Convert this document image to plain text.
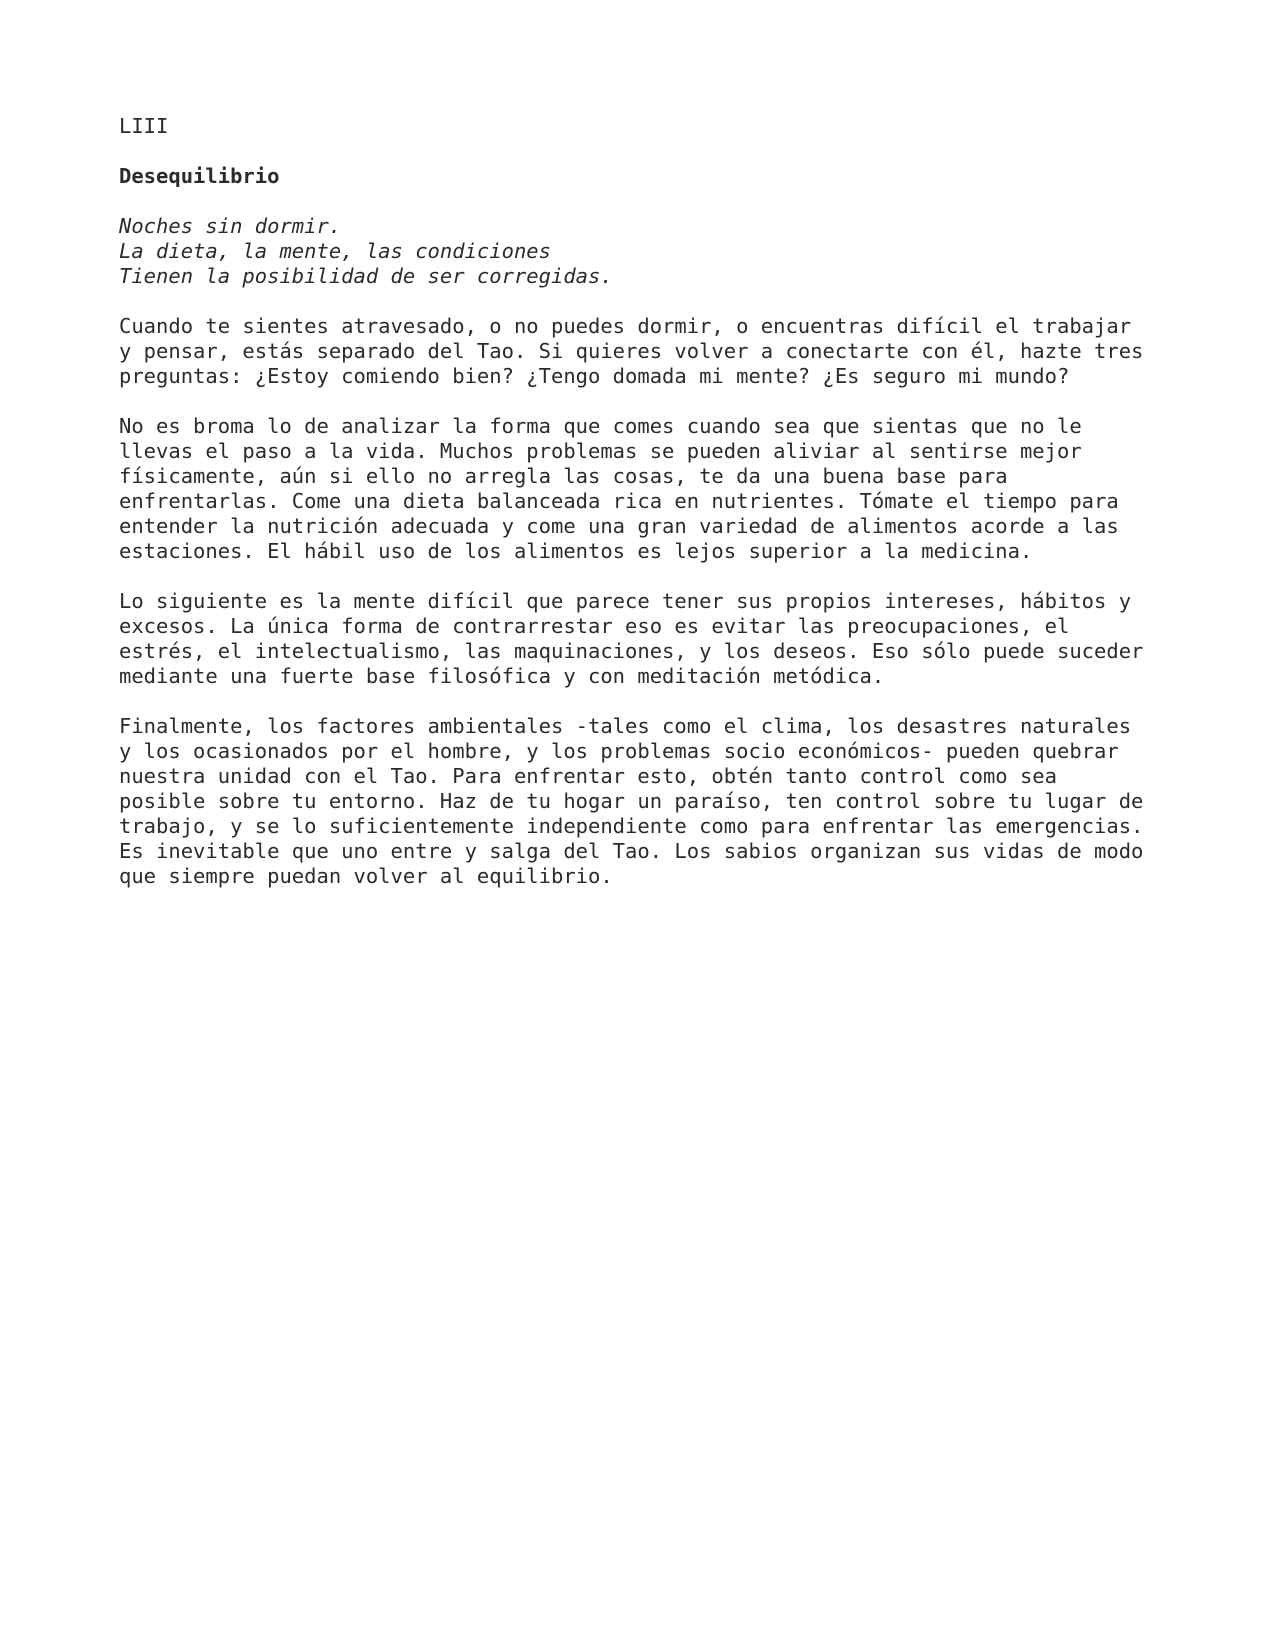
LIII
Desequilibrio
Noches sin dormir.
La dieta, la mente, las condiciones
Tienen la posibilidad de ser corregidas.
Cuando te sientes atravesado, o no puedes dormir, o encuentras difícil el trabajar
y pensar, estás separado del Tao. Si quieres volver a conectarte con él, hazte tres
preguntas: ¿Estoy comiendo bien? ¿Tengo domada mi mente? ¿Es seguro mi mundo?
No es broma lo de analizar la forma que comes cuando sea que sientas que no le
llevas el paso a la vida. Muchos problemas se pueden aliviar al sentirse mejor
físicamente, aún si ello no arregla las cosas, te da una buena base para
enfrentarlas. Come una dieta balanceada rica en nutrientes. Tómate el tiempo para
entender la nutrición adecuada y come una gran variedad de alimentos acorde a las
estaciones. El hábil uso de los alimentos es lejos superior a la medicina.
Lo siguiente es la mente difícil que parece tener sus propios intereses, hábitos y
excesos. La única forma de contrarrestar eso es evitar las preocupaciones, el
estrés, el intelectualismo, las maquinaciones, y los deseos. Eso sólo puede suceder
mediante una fuerte base filosófica y con meditación metódica.
Finalmente, los factores ambientales -tales como el clima, los desastres naturales
y los ocasionados por el hombre, y los problemas socio económicos- pueden quebrar
nuestra unidad con el Tao. Para enfrentar esto, obtén tanto control como sea
posible sobre tu entorno. Haz de tu hogar un paraíso, ten control sobre tu lugar de
trabajo, y se lo suficientemente independiente como para enfrentar las emergencias.
Es inevitable que uno entre y salga del Tao. Los sabios organizan sus vidas de modo
que siempre puedan volver al equilibrio.
